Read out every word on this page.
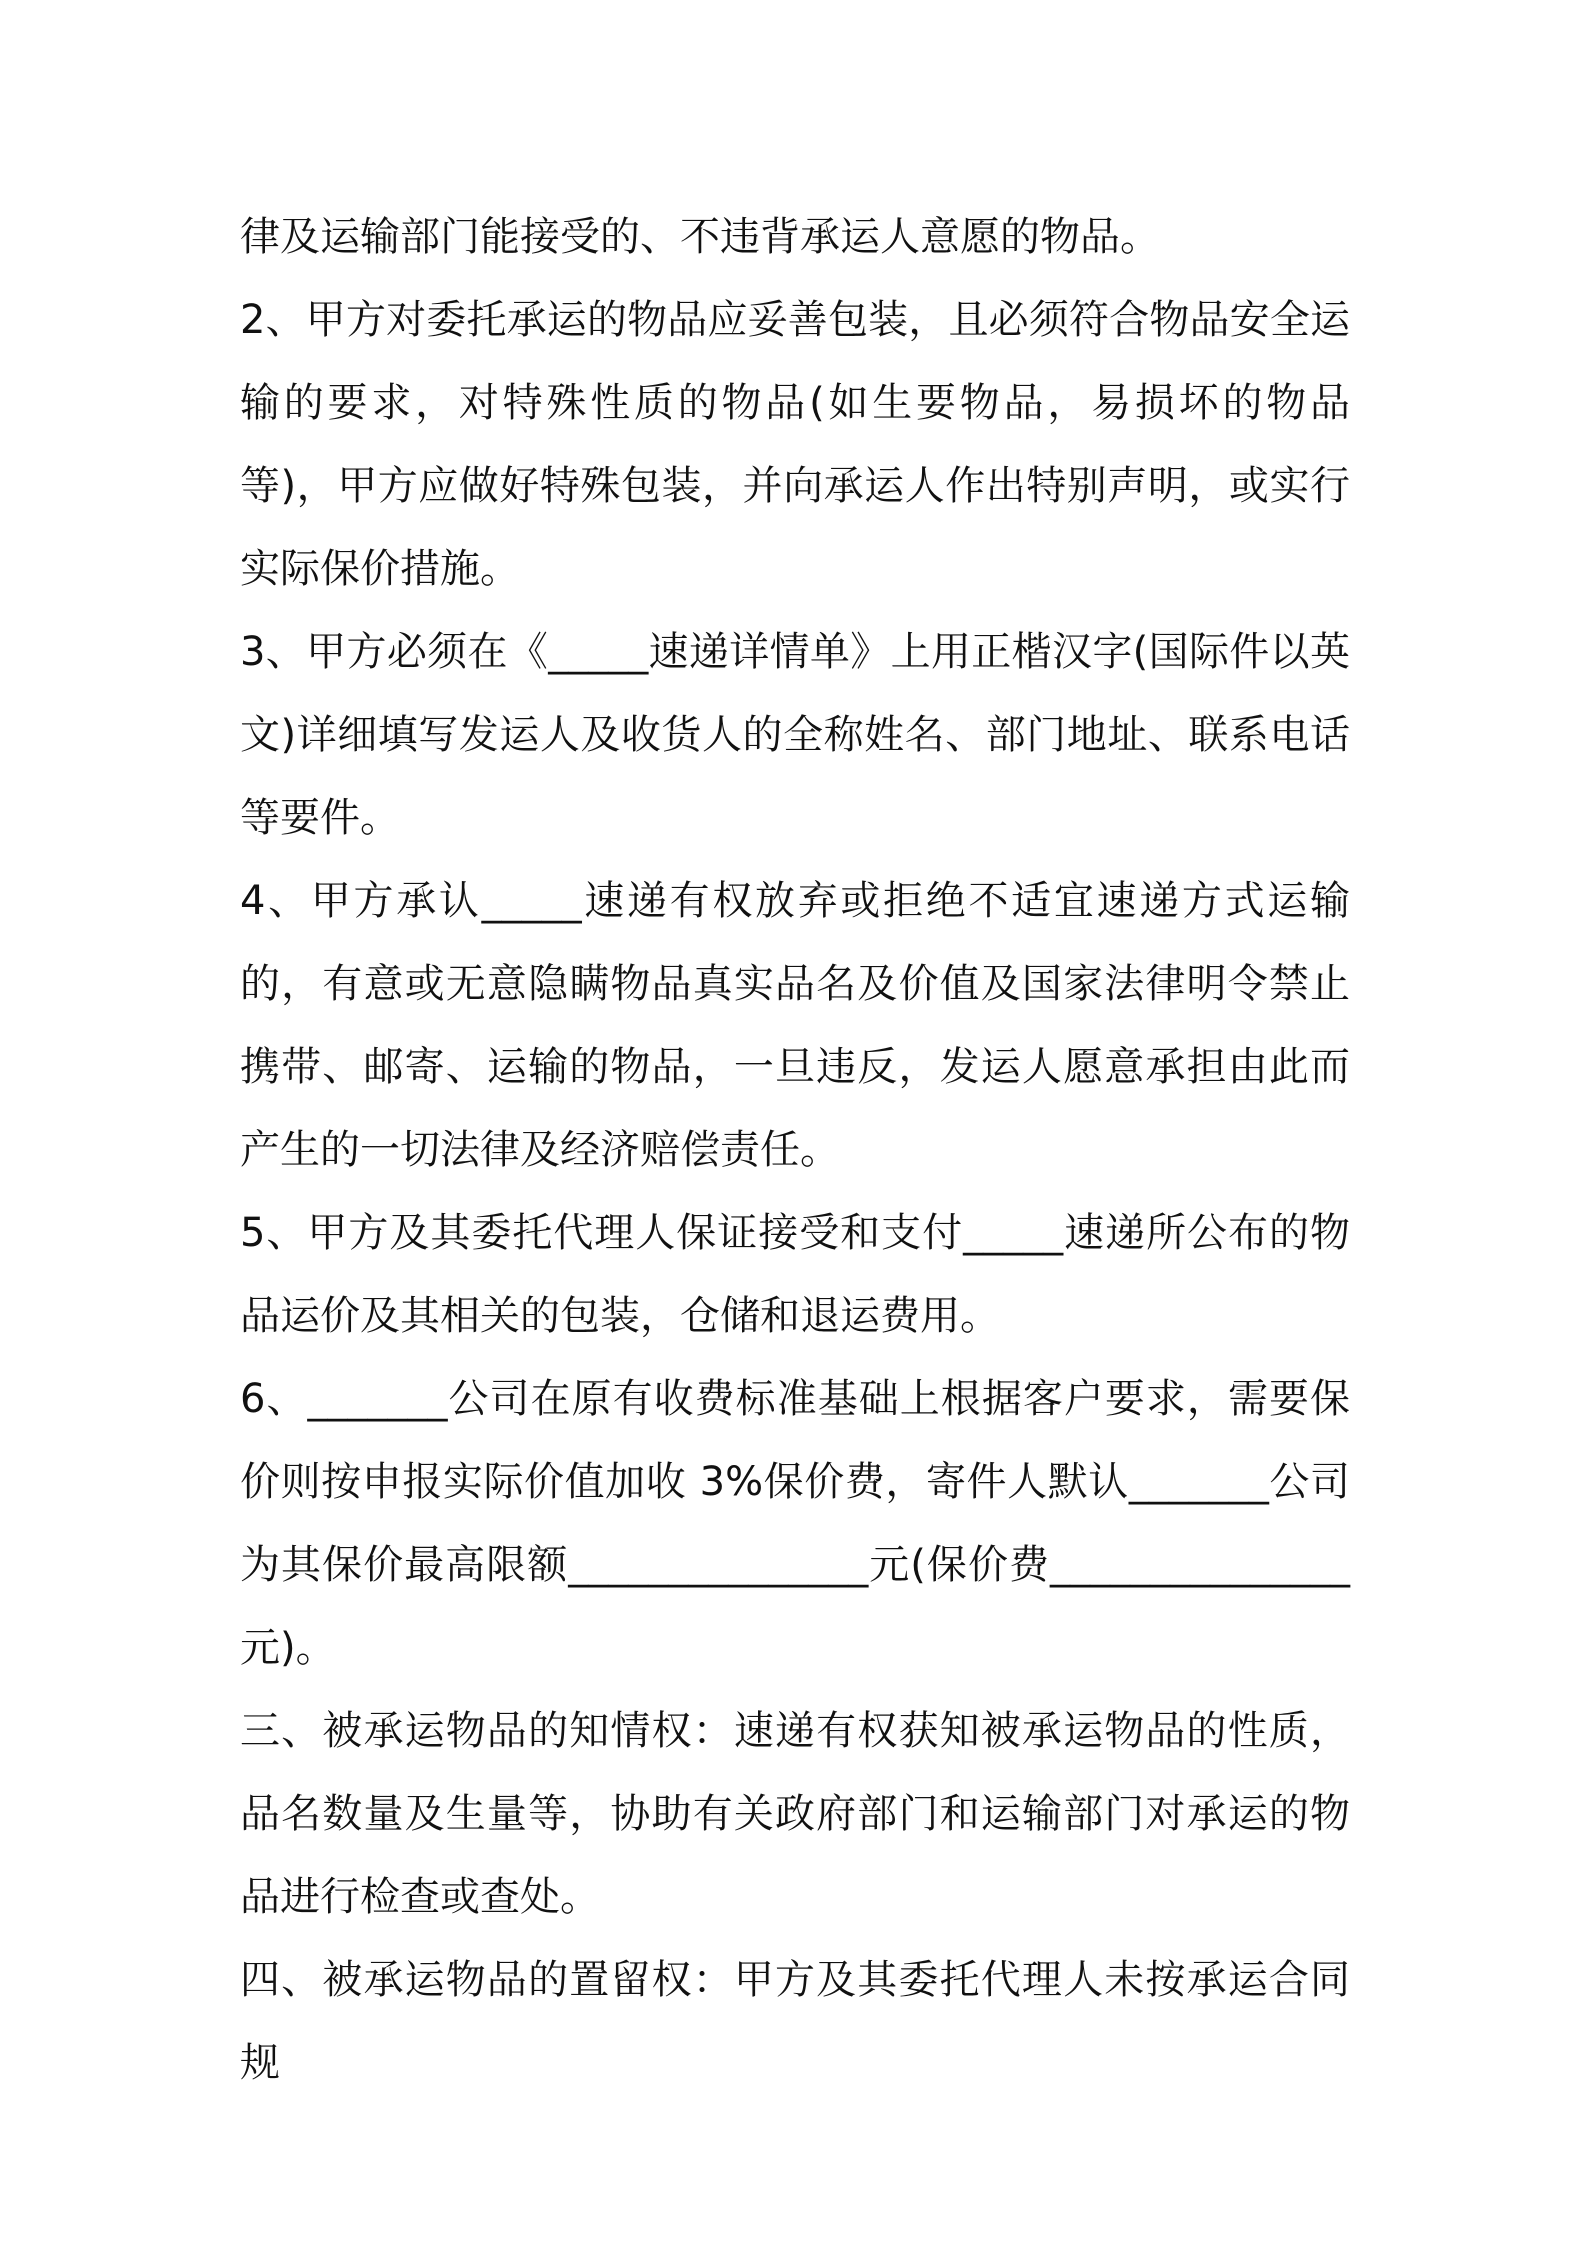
律及运输部门能接受的、不违背承运人意愿的物品。

2、甲方对委托承运的物品应妥善包装，且必须符合物品安全运输的要求，对特殊性质的物品(如生要物品，易损坏的物品等)，甲方应做好特殊包装，并向承运人作出特别声明，或实行实际保价措施。

3、甲方必须在《_____速递详情单》上用正楷汉字(国际件以英文)详细填写发运人及收货人的全称姓名、部门地址、联系电话等要件。

4、甲方承认_____速递有权放弃或拒绝不适宜速递方式运输的，有意或无意隐瞒物品真实品名及价值及国家法律明令禁止携带、邮寄、运输的物品，一旦违反，发运人愿意承担由此而产生的一切法律及经济赔偿责任。

5、甲方及其委托代理人保证接受和支付_____速递所公布的物品运价及其相关的包装，仓储和退运费用。

6、_______公司在原有收费标准基础上根据客户要求，需要保价则按申报实际价值加收 3%保价费，寄件人默认_______公司为其保价最高限额_______________元(保价费_______________元)。

三、被承运物品的知情权：速递有权获知被承运物品的性质，品名数量及生量等，协助有关政府部门和运输部门对承运的物品进行检查或查处。

四、被承运物品的置留权：甲方及其委托代理人未按承运合同规
